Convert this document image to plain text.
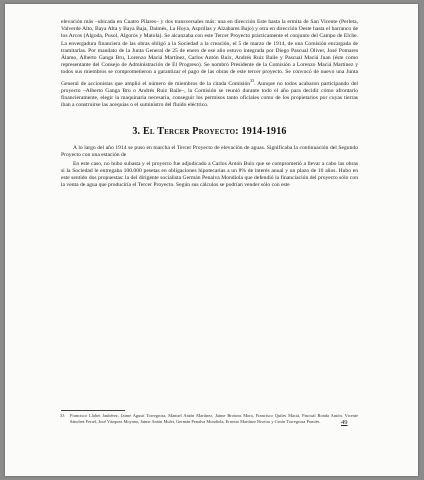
elevación más –ubicada en Cuatro Pilares– y dos transversales más: una en dirección Este hasta la ermita de San Vicente (Perleta, Valverde Alto, Baya Alta y Baya Baja, Daimés, La Hoya, Asprillas y Alzabares Bajo) y otra en dirección Oeste hasta el barranco de los Arcos (Algoda, Pusol, Algorós y Matola). Se alcanzaba con este Tercer Proyecto prácticamente el conjunto del Campo de Elche. La envergadura financiera de las obras obligó a la Sociedad a la creación, el 5 de marzo de 1914, de una Comisión encargada de tramitarlas. Por mandato de la Junta General de 25 de enero de ese año estuvo integrada por Diego Pascual Oliver, José Pomares Álamo, Alberto Ganga Bru, Lorenzo Maciá Martínez, Carlos Antón Buix, Andrés Ruiz Baile y Pascual Maciá Juan (éste como representante del Consejo de Administración de El Progreso). Se nombró Presidente de la Comisión a Lorenzo Maciá Martínez y todos sus miembros se comprometieron a garantizar el pago de las obras de este tercer proyecto. Se convocó de nuevo una Junta General de accionistas que amplió el número de miembros de la citada Comisión$^{33}$. Aunque no todos acabaron participando del proyecto –Alberto Ganga Bru o Andrés Ruiz Baile–, la Comisión se reunió durante todo el año para decidir cómo afrontarlo financieramente, elegir la maquinaria necesaria, conseguir los permisos tanto oficiales como de los propietarios por cuyas tierras iban a construirse las acequias o el suministro del fluido eléctrico.
3. El Tercer Proyecto: 1914-1916

A lo largo del año 1914 se puso en marcha el Tercer Proyecto de elevación de aguas. Significaba la continuación del Segundo Proyecto con una estación de

En este caso, no hubo subasta y el proyecto fue adjudicado a Carlos Antón Buix que se comprometió a llevar a cabo las obras si la Sociedad le entregaba 100.000 pesetas en obligaciones hipotecarias a un 8% de interés anual y un plazo de 10 años. Hubo en este sentido dos propuestas: la del dirigente socialista Germán Penalva Mondiola que defendió la financiación del proyecto sólo con la venta de agua que produciría el Tercer Proyecto. Según sus cálculos se podrían vender sólo con este

33	Francisco Llobet Jaubérez, Jaime Agustí Torregrosa, Manuel Antón Martínez, Jaime Brotons Mora, Francisco Quiles Maciá, Pascual Ronda Antón, Vicente Sánchez Ferrel, José Vázquez Moyano, Jaime Antón Mulet, Germán Penalva Mondiola, Ernesto Martínez Riveiro y Cerón Torregrosa Pomiés.	49
